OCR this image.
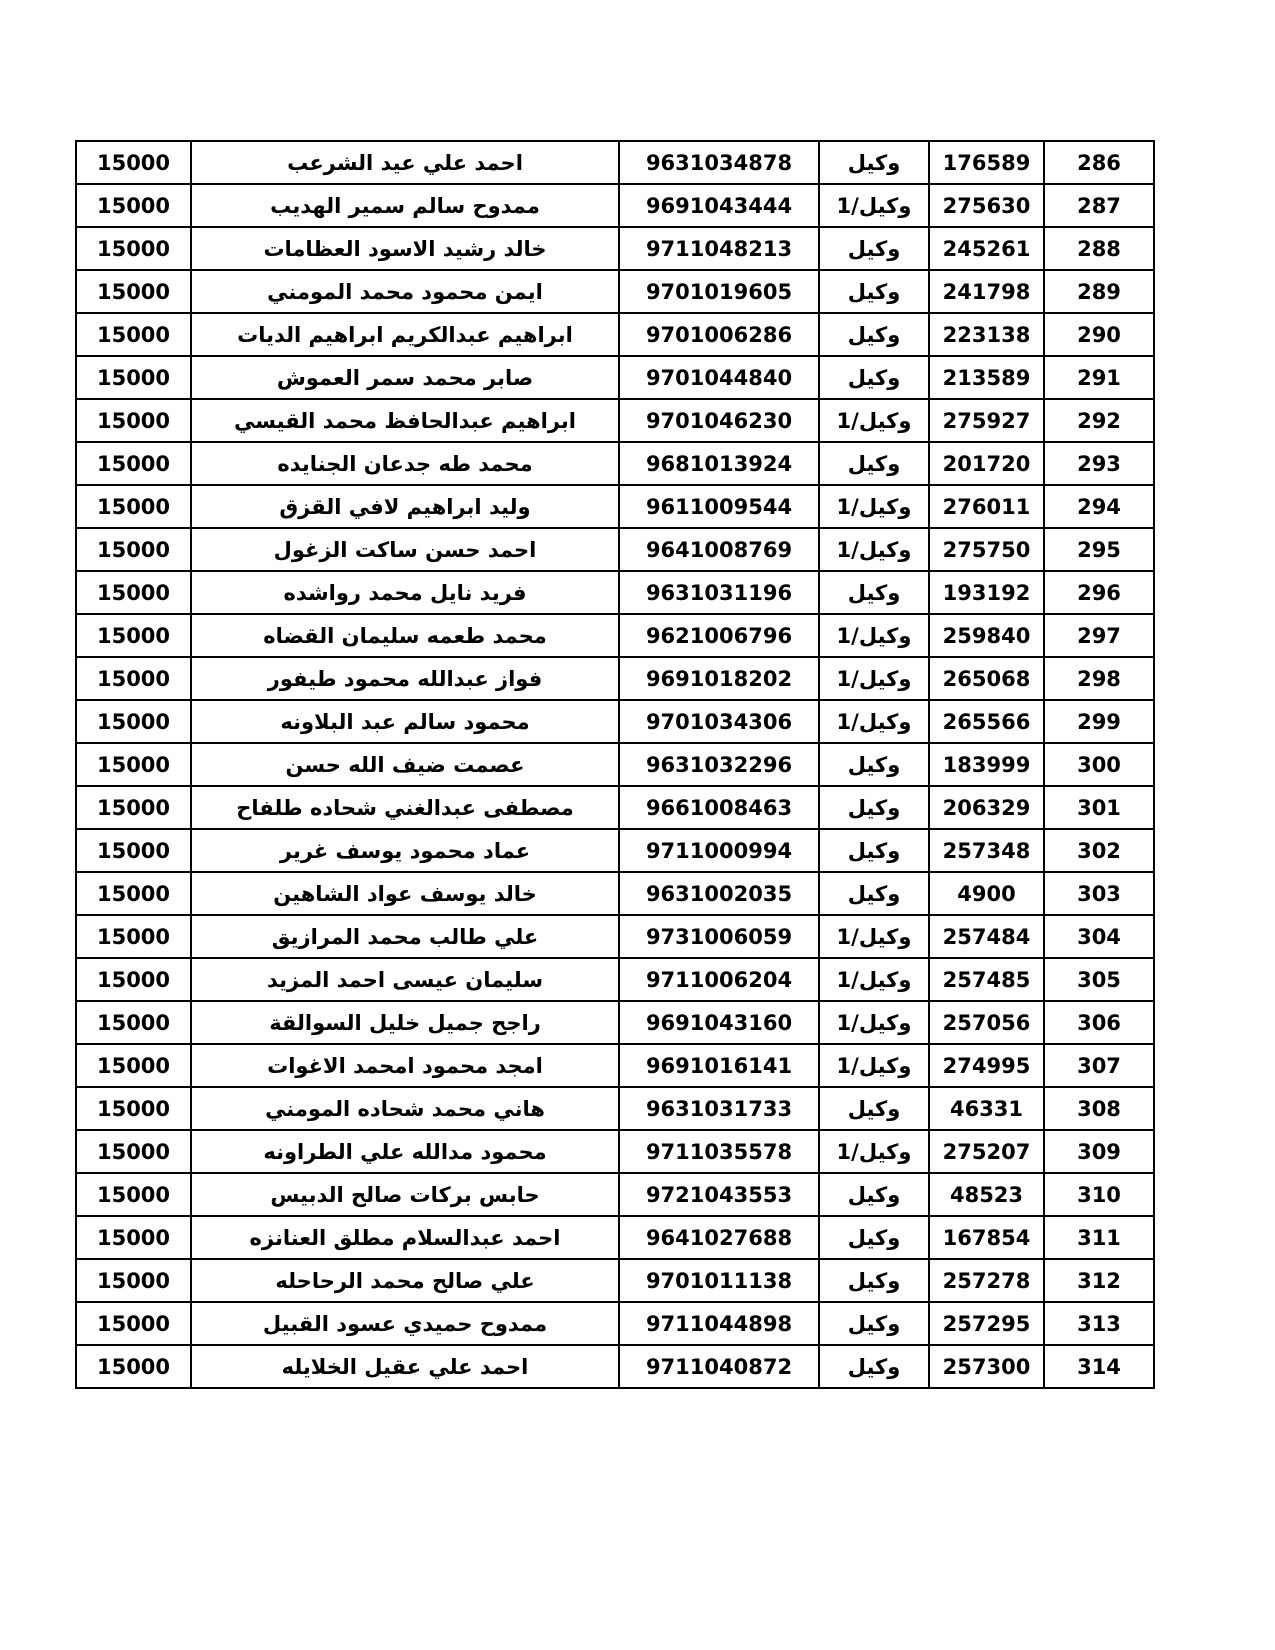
286	176589	وكيل	9631034878	احمد علي عيد الشرعب	15000
287	275630	وكيل/1	9691043444	ممدوح سالم سمير الهديب	15000
288	245261	وكيل	9711048213	خالد رشيد الاسود العظامات	15000
289	241798	وكيل	9701019605	ايمن محمود محمد المومني	15000
290	223138	وكيل	9701006286	ابراهيم عبدالكريم ابراهيم الديات	15000
291	213589	وكيل	9701044840	صابر محمد سمر العموش	15000
292	275927	وكيل/1	9701046230	ابراهيم عبدالحافظ محمد القيسي	15000
293	201720	وكيل	9681013924	محمد طه جدعان الجنايده	15000
294	276011	وكيل/1	9611009544	وليد ابراهيم لافي القزق	15000
295	275750	وكيل/1	9641008769	احمد حسن ساكت الزغول	15000
296	193192	وكيل	9631031196	فريد نايل محمد رواشده	15000
297	259840	وكيل/1	9621006796	محمد طعمه سليمان القضاه	15000
298	265068	وكيل/1	9691018202	فواز عبدالله محمود طيفور	15000
299	265566	وكيل/1	9701034306	محمود سالم عبد البلاونه	15000
300	183999	وكيل	9631032296	عصمت ضيف الله حسن	15000
301	206329	وكيل	9661008463	مصطفى عبدالغني شحاده طلفاح	15000
302	257348	وكيل	9711000994	عماد محمود يوسف غرير	15000
303	4900	وكيل	9631002035	خالد يوسف عواد الشاهين	15000
304	257484	وكيل/1	9731006059	علي طالب محمد المرازيق	15000
305	257485	وكيل/1	9711006204	سليمان عيسى احمد المزيد	15000
306	257056	وكيل/1	9691043160	راجح جميل خليل السوالقة	15000
307	274995	وكيل/1	9691016141	امجد محمود امحمد الاغوات	15000
308	46331	وكيل	9631031733	هاني محمد شحاده المومني	15000
309	275207	وكيل/1	9711035578	محمود مدالله علي الطراونه	15000
310	48523	وكيل	9721043553	حابس بركات صالح الدبيس	15000
311	167854	وكيل	9641027688	احمد عبدالسلام مطلق العنانزه	15000
312	257278	وكيل	9701011138	علي صالح محمد الرحاحله	15000
313	257295	وكيل	9711044898	ممدوح حميدي عسود القبيل	15000
314	257300	وكيل	9711040872	احمد علي عقيل الخلايله	15000
